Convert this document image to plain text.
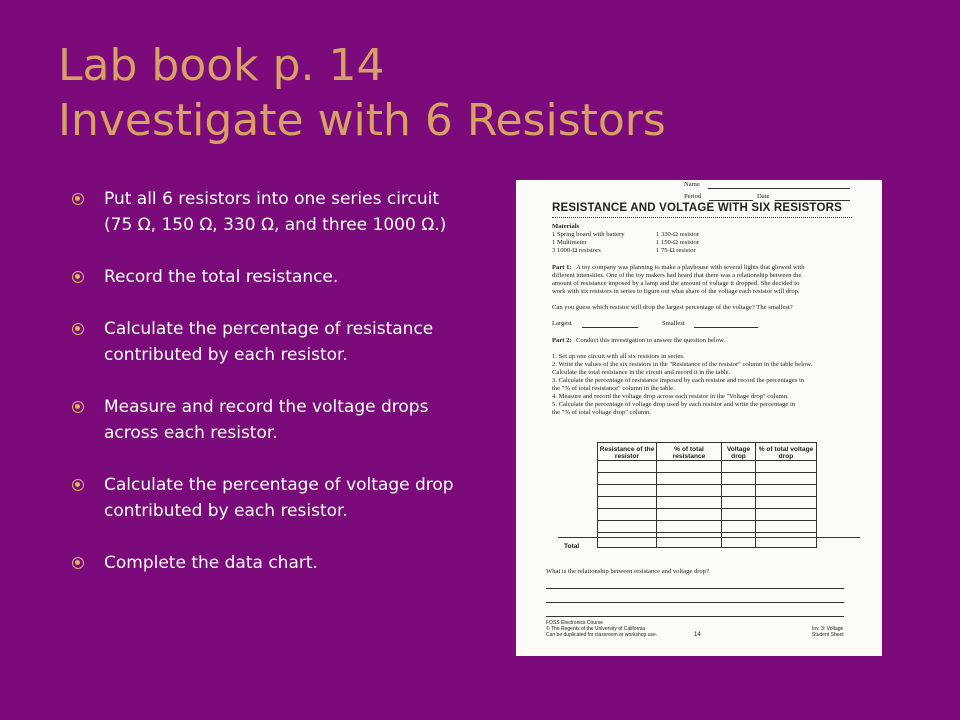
Lab book p. 14
Investigate with 6 Resistors
Put all 6 resistors into one series circuit (75 Ω, 150 Ω, 330 Ω, and three 1000 Ω.)
Record the total resistance.
Calculate the percentage of resistance contributed by each resistor.
Measure and record the voltage drops across each resistor.
Calculate the percentage of voltage drop contributed by each resistor.
Complete the data chart.
Name
Period	Date
RESISTANCE AND VOLTAGE WITH SIX RESISTORS
Materials
1 Spring board with battery
1 Multimeter
3 1000-Ω resistors
1 330-Ω resistor
1 150-Ω resistor
1 75-Ω resistor
Part 1: A toy company was planning to make a playhouse with several lights that glowed with
different intensities. One of the toy makers had heard that there was a relationship between the
amount of resistance imposed by a lamp and the amount of voltage it dropped. She decided to
work with six resistors in series to figure out what share of the voltage each resistor will drop.
Can you guess which resistor will drop the largest percentage of the voltage? The smallest?
Largest	Smallest
Part 2: Conduct this investigation to answer the question below.
1. Set up one circuit with all six resistors in series.
2. Write the values of the six resistors in the "Resistance of the resistor" column in the table below.
Calculate the total resistance in the circuit and record it in the table.
3. Calculate the percentage of resistance imposed by each resistor and record the percentages in
the "% of total resistance" column in the table.
4. Measure and record the voltage drop across each resistor in the "Voltage drop" column.
5. Calculate the percentage of voltage drop used by each resistor and write the percentage in
the "% of total voltage drop" column.
Resistance of the resistor	% of total resistance	Voltage drop	% of total voltage drop

Total
What is the relationship between resistance and voltage drop?
FOSS Electronics Course
© The Regents of the University of California
Can be duplicated for classroom or workshop use.	14
Inv. 3: Voltage
Student Sheet
